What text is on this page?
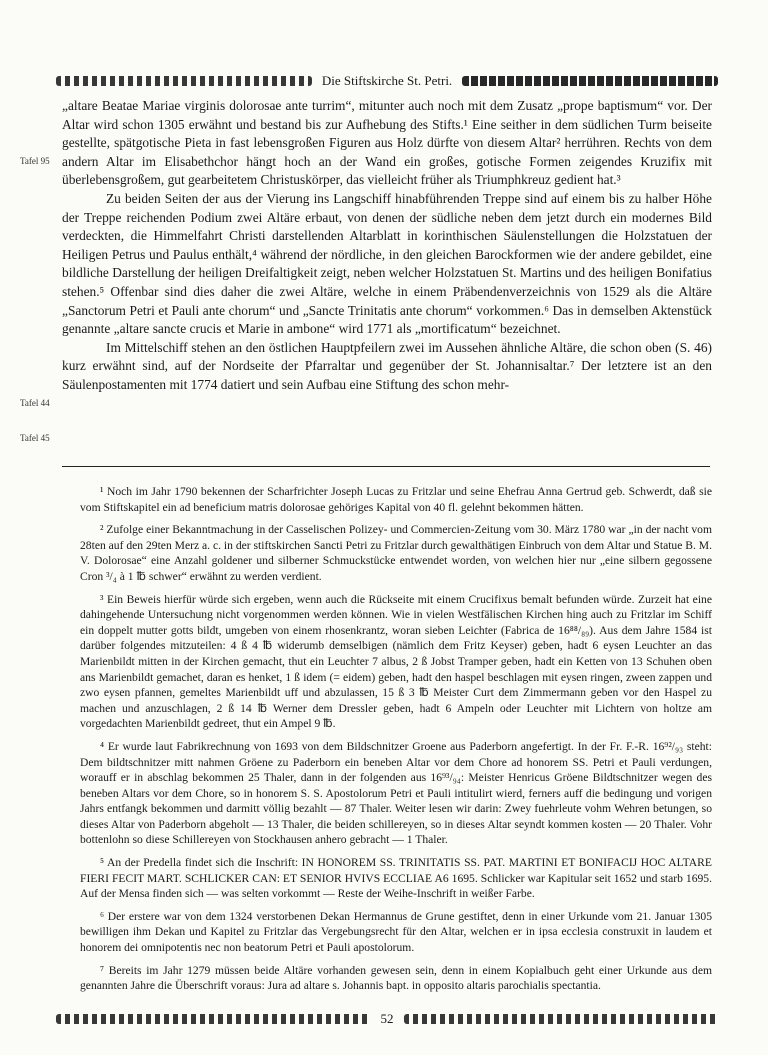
Die Stiftskirche St. Petri.
Tafel 95
Tafel 44
Tafel 45

„altare Beatae Mariae virginis dolorosae ante turrim“, mitunter auch noch mit dem Zusatz „prope baptismum“ vor. Der Altar wird schon 1305 erwähnt und bestand bis zur Aufhebung des Stifts.¹ Eine seither in dem südlichen Turm beiseite gestellte, spätgotische Pieta in fast lebensgroßen Figuren aus Holz dürfte von diesem Altar² herrühren. Rechts von dem andern Altar im Elisabethchor hängt hoch an der Wand ein großes, gotische Formen zeigendes Kruzifix mit überlebensgroßem, gut gearbeitetem Christuskörper, das vielleicht früher als Triumphkreuz gedient hat.³

Zu beiden Seiten der aus der Vierung ins Langschiff hinabführenden Treppe sind auf einem bis zu halber Höhe der Treppe reichenden Podium zwei Altäre erbaut, von denen der südliche neben dem jetzt durch ein modernes Bild verdeckten, die Himmelfahrt Christi darstellenden Altarblatt in korinthischen Säulenstellungen die Holzstatuen der Heiligen Petrus und Paulus enthält,⁴ während der nördliche, in den gleichen Barockformen wie der andere gebildet, eine bildliche Darstellung der heiligen Dreifaltigkeit zeigt, neben welcher Holzstatuen St. Martins und des heiligen Bonifatius stehen.⁵ Offenbar sind dies daher die zwei Altäre, welche in einem Präbendenverzeichnis von 1529 als die Altäre „Sanctorum Petri et Pauli ante chorum“ und „Sancte Trinitatis ante chorum“ vorkommen.⁶ Das in demselben Aktenstück genannte „altare sancte crucis et Marie in ambone“ wird 1771 als „mortificatum“ bezeichnet.

Im Mittelschiff stehen an den östlichen Hauptpfeilern zwei im Aussehen ähnliche Altäre, die schon oben (S. 46) kurz erwähnt sind, auf der Nordseite der Pfarraltar und gegenüber der St. Johannisaltar.⁷ Der letztere ist an den Säulenpostamenten mit 1774 datiert und sein Aufbau eine Stiftung des schon mehr-

¹ Noch im Jahr 1790 bekennen der Scharfrichter Joseph Lucas zu Fritzlar und seine Ehefrau Anna Gertrud geb. Schwerdt, daß sie vom Stiftskapitel ein ad beneficium matris dolorosae gehöriges Kapital von 40 fl. gelehnt bekommen hätten.

² Zufolge einer Bekanntmachung in der Casselischen Polizey- und Commercien-Zeitung vom 30. März 1780 war „in der nacht vom 28ten auf den 29ten Merz a. c. in der stiftskirchen Sancti Petri zu Fritzlar durch gewalthätigen Einbruch von dem Altar und Statue B. M. V. Dolorosae“ eine Anzahl goldener und silberner Schmuckstücke entwendet worden, von welchen hier nur „eine silbern gegossene Cron ³/₄ à 1 ℔ schwer“ erwähnt zu werden verdient.

³ Ein Beweis hierfür würde sich ergeben, wenn auch die Rückseite mit einem Crucifixus bemalt befunden würde. Zurzeit hat eine dahingehende Untersuchung nicht vorgenommen werden können. Wie in vielen Westfälischen Kirchen hing auch zu Fritzlar im Schiff ein doppelt mutter gotts bildt, umgeben von einem rhosenkrantz, woran sieben Leichter (Fabrica de 16⁸⁸/₈₉). Aus dem Jahre 1584 ist darüber folgendes mitzuteilen: 4 ß 4 ℔ widerumb demselbigen (nämlich dem Fritz Keyser) geben, hadt 6 eysen Leuchter an das Marienbildt mitten in der Kirchen gemacht, thut ein Leuchter 7 albus, 2 ß Jobst Tramper geben, hadt ein Ketten von 13 Schuhen oben ans Marienbildt gemachet, daran es henket, 1 ß idem (= eidem) geben, hadt den haspel beschlagen mit eysen ringen, zween zappen und zwo eysen pfannen, gemeltes Marienbildt uff und abzulassen, 15 ß 3 ℔ Meister Curt dem Zimmermann geben vor den Haspel zu machen und anzuschlagen, 2 ß 14 ℔ Werner dem Dressler geben, hadt 6 Ampeln oder Leuchter mit Lichtern von holtze am vorgedachten Marienbildt gedreet, thut ein Ampel 9 ℔.

⁴ Er wurde laut Fabrikrechnung von 1693 von dem Bildschnitzer Groene aus Paderborn angefertigt. In der Fr. F.-R. 16⁹²/₉₃ steht: Dem bildtschnitzer mitt nahmen Gröene zu Paderborn ein beneben Altar vor dem Chore ad honorem SS. Petri et Pauli verdungen, worauff er in abschlag bekommen 25 Thaler, dann in der folgenden aus 16⁹³/₉₄: Meister Henricus Gröene Bildtschnitzer wegen des beneben Altars vor dem Chore, so in honorem S. S. Apostolorum Petri et Pauli intitulirt wierd, ferners auff die bedingung und vorigen Jahrs entfangk bekommen und darmitt völlig bezahlt — 87 Thaler. Weiter lesen wir darin: Zwey fuehrleute vohm Wehren betungen, so dieses Altar von Paderborn abgeholt — 13 Thaler, die beiden schillereyen, so in dieses Altar seyndt kommen kosten — 20 Thaler. Vohr bottenlohn so diese Schillereyen von Stockhausen anhero gebracht — 1 Thaler.

⁵ An der Predella findet sich die Inschrift: IN HONOREM SS. TRINITATIS SS. PAT. MARTINI ET BONIFACIJ HOC ALTARE FIERI FECIT MART. SCHLICKER CAN: ET SENIOR HVIVS ECCLIAE A6 1695. Schlicker war Kapitular seit 1652 und starb 1695. Auf der Mensa finden sich — was selten vorkommt — Reste der Weihe-Inschrift in weißer Farbe.

⁶ Der erstere war von dem 1324 verstorbenen Dekan Hermannus de Grune gestiftet, denn in einer Urkunde vom 21. Januar 1305 bewilligen ihm Dekan und Kapitel zu Fritzlar das Vergebungsrecht für den Altar, welchen er in ipsa ecclesia construxit in laudem et honorem dei omnipotentis nec non beatorum Petri et Pauli apostolorum.

⁷ Bereits im Jahr 1279 müssen beide Altäre vorhanden gewesen sein, denn in einem Kopialbuch geht einer Urkunde aus dem genannten Jahre die Überschrift voraus: Jura ad altare s. Johannis bapt. in opposito altaris parochialis spectantia.

52
